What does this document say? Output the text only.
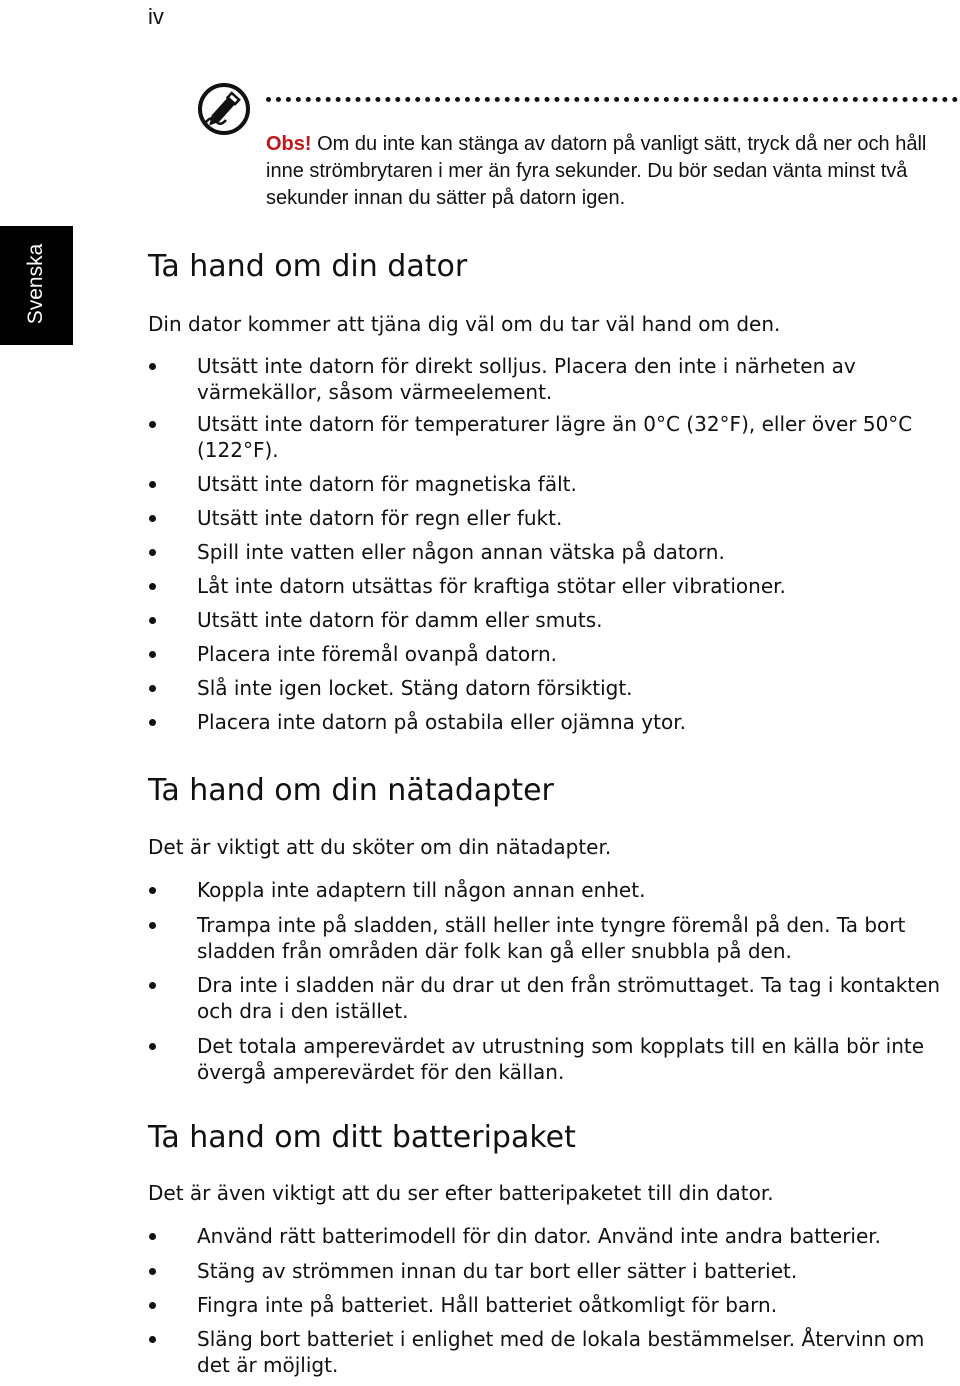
iv
Svenska
Obs! Om du inte kan stänga av datorn på vanligt sätt, tryck då ner och håll inne strömbrytaren i mer än fyra sekunder. Du bör sedan vänta minst två sekunder innan du sätter på datorn igen.
Ta hand om din dator

Din dator kommer att tjäna dig väl om du tar väl hand om den.

Utsätt inte datorn för direkt solljus. Placera den inte i närheten av värmekällor, såsom värmeelement.
Utsätt inte datorn för temperaturer lägre än 0°C (32°F), eller över 50°C (122°F).
Utsätt inte datorn för magnetiska fält.
Utsätt inte datorn för regn eller fukt.
Spill inte vatten eller någon annan vätska på datorn.
Låt inte datorn utsättas för kraftiga stötar eller vibrationer.
Utsätt inte datorn för damm eller smuts.
Placera inte föremål ovanpå datorn.
Slå inte igen locket. Stäng datorn försiktigt.
Placera inte datorn på ostabila eller ojämna ytor.
Ta hand om din nätadapter

Det är viktigt att du sköter om din nätadapter.

Koppla inte adaptern till någon annan enhet.
Trampa inte på sladden, ställ heller inte tyngre föremål på den. Ta bort sladden från områden där folk kan gå eller snubbla på den.
Dra inte i sladden när du drar ut den från strömuttaget. Ta tag i kontakten och dra i den istället.
Det totala amperevärdet av utrustning som kopplats till en källa bör inte övergå amperevärdet för den källan.
Ta hand om ditt batteripaket

Det är även viktigt att du ser efter batteripaketet till din dator.

Använd rätt batterimodell för din dator. Använd inte andra batterier.
Stäng av strömmen innan du tar bort eller sätter i batteriet.
Fingra inte på batteriet. Håll batteriet oåtkomligt för barn.
Släng bort batteriet i enlighet med de lokala bestämmelser. Återvinn om det är möjligt.
